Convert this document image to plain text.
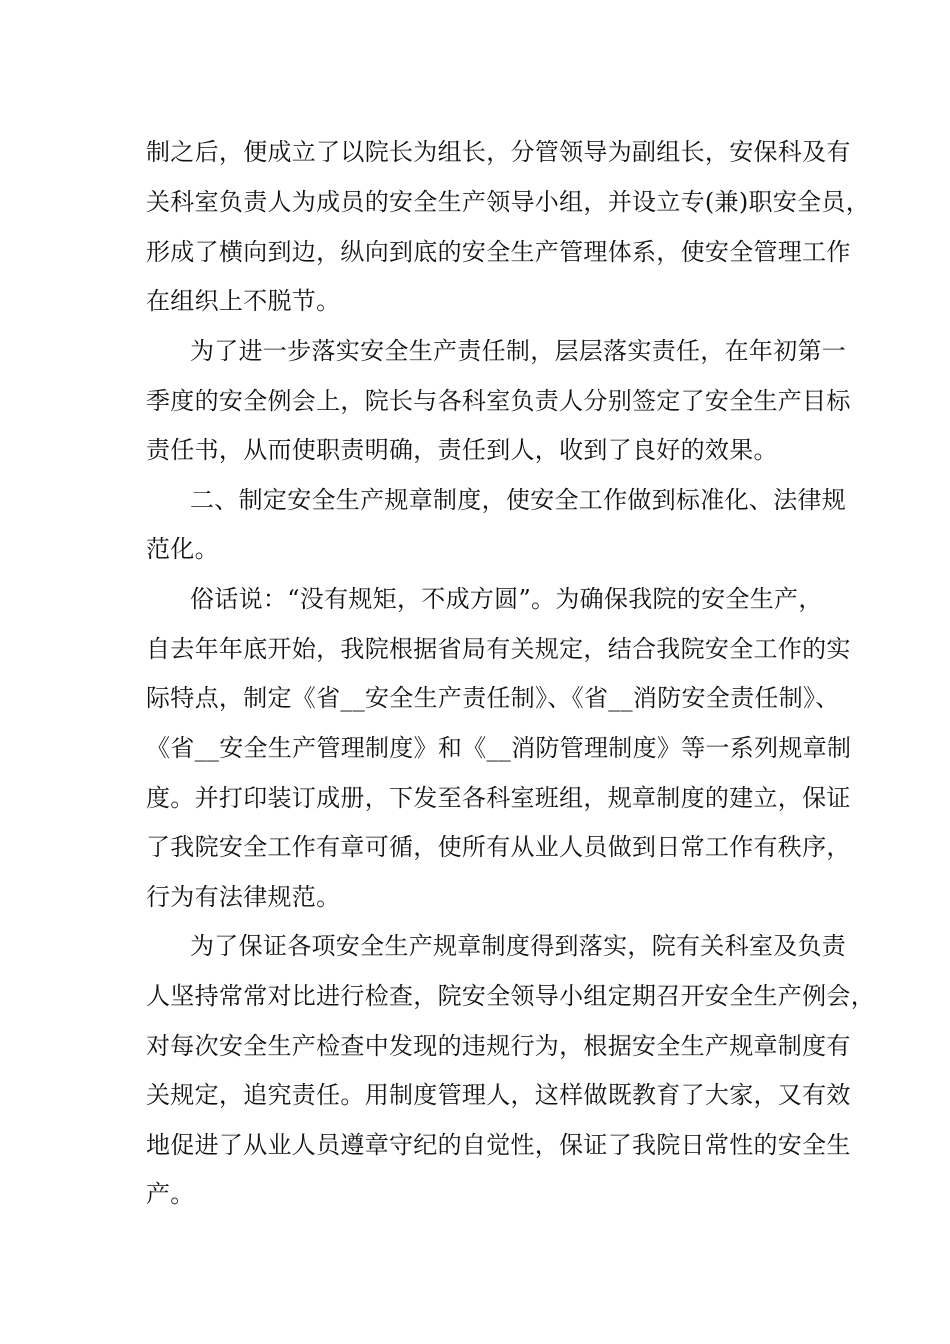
制之后，便成立了以院长为组长，分管领导为副组长，安保科及有
关科室负责人为成员的安全生产领导小组，并设立专(兼)职安全员，
形成了横向到边，纵向到底的安全生产管理体系，使安全管理工作
在组织上不脱节。
为了进一步落实安全生产责任制，层层落实责任，在年初第一
季度的安全例会上，院长与各科室负责人分别签定了安全生产目标
责任书，从而使职责明确，责任到人，收到了良好的效果。
二、制定安全生产规章制度，使安全工作做到标准化、法律规
范化。
俗话说：“没有规矩，不成方圆”。为确保我院的安全生产，
自去年年底开始，我院根据省局有关规定，结合我院安全工作的实
际特点，制定《省__安全生产责任制》、《省__消防安全责任制》、
《省__安全生产管理制度》和《__消防管理制度》等一系列规章制
度。并打印装订成册，下发至各科室班组，规章制度的建立，保证
了我院安全工作有章可循，使所有从业人员做到日常工作有秩序，
行为有法律规范。
为了保证各项安全生产规章制度得到落实，院有关科室及负责
人坚持常常对比进行检查，院安全领导小组定期召开安全生产例会，
对每次安全生产检查中发现的违规行为，根据安全生产规章制度有
关规定，追究责任。用制度管理人，这样做既教育了大家，又有效
地促进了从业人员遵章守纪的自觉性，保证了我院日常性的安全生
产。
